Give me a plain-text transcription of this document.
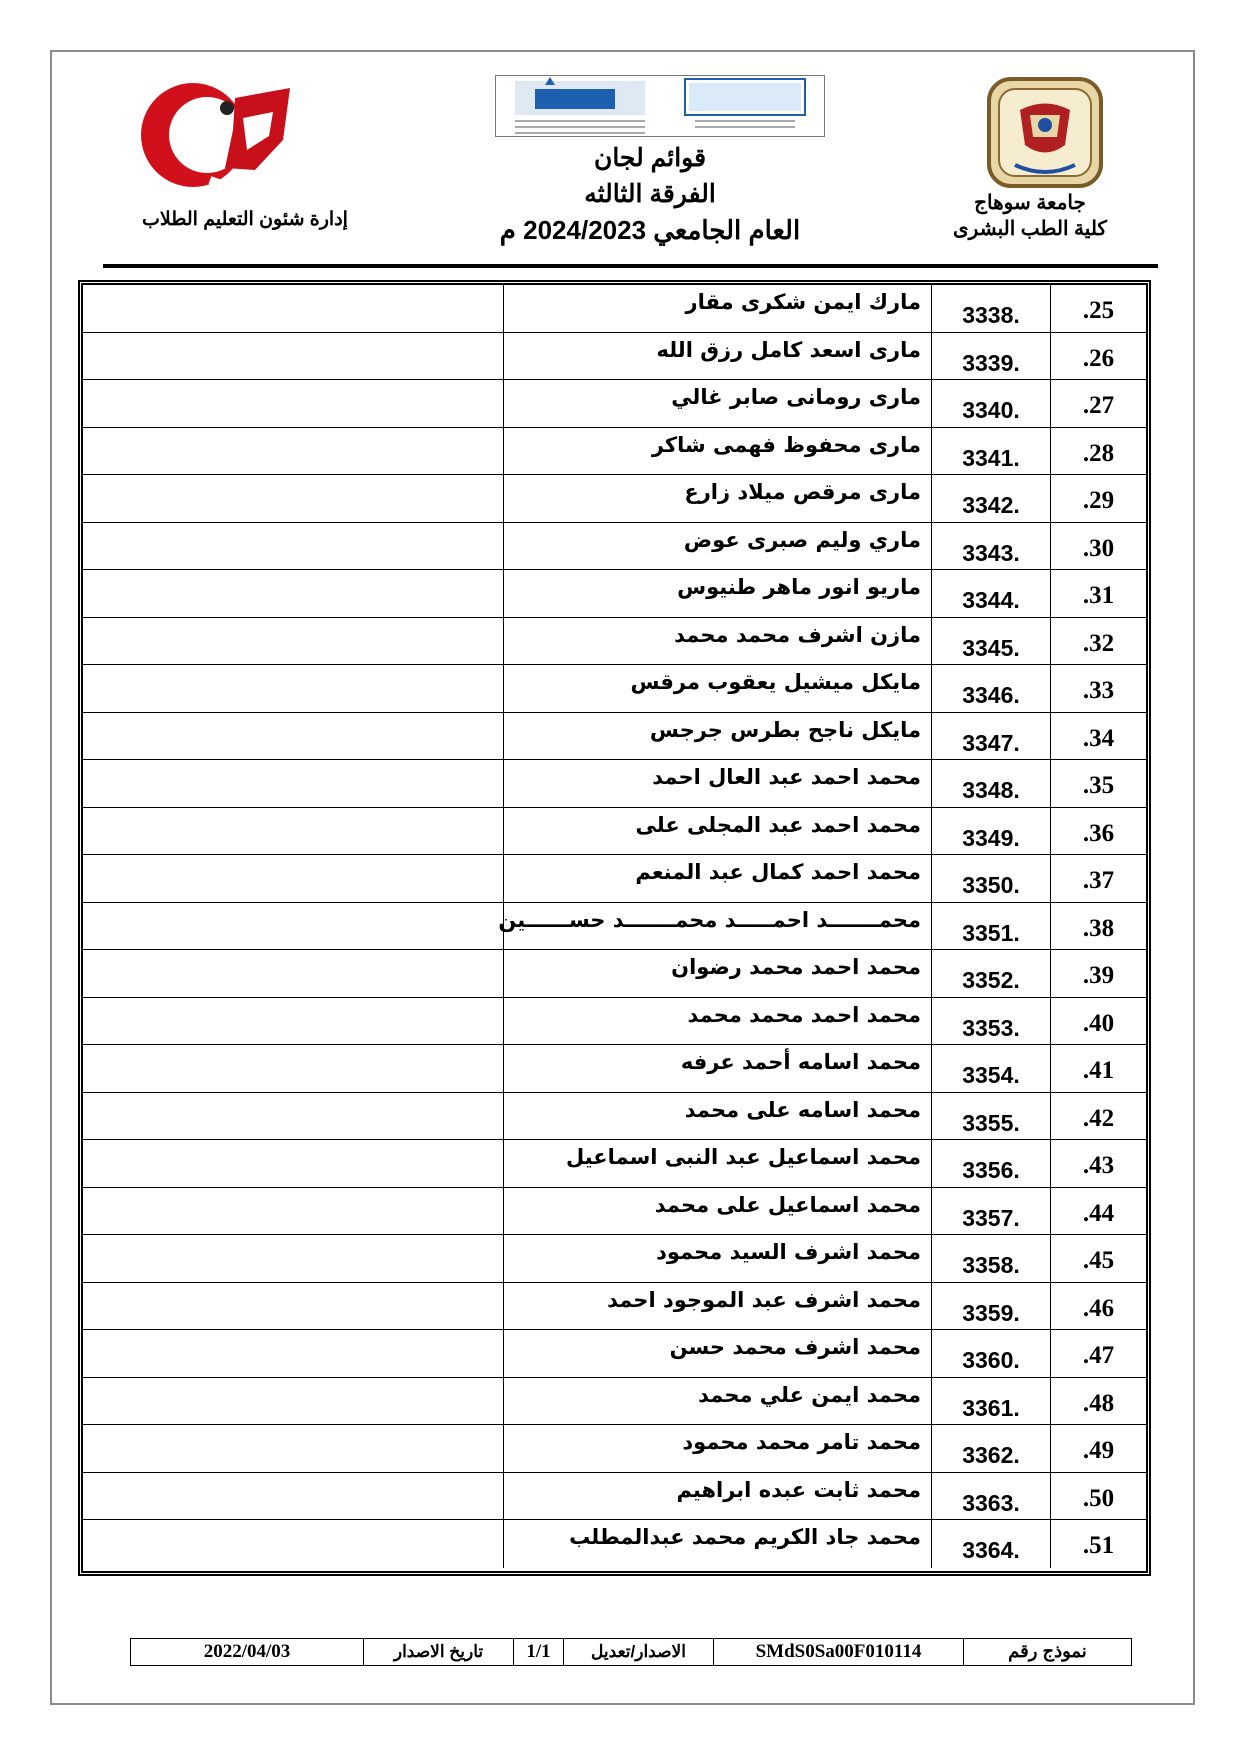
جامعة سوهاج
كلية الطب البشرى
إدارة شئون التعليم الطلاب
قوائم لجان
الفرقة الثالثه
العام الجامعي 2024/2023 م
.25
3338.
مارك ايمن شكرى مقار
.26
3339.
مارى اسعد كامل رزق الله
.27
3340.
مارى رومانى صابر غالي
.28
3341.
مارى محفوظ فهمى شاكر
.29
3342.
مارى مرقص ميلاد زارع
.30
3343.
ماري وليم صبرى عوض
.31
3344.
ماريو انور ماهر طنيوس
.32
3345.
مازن اشرف محمد محمد
.33
3346.
مايكل ميشيل يعقوب مرقس
.34
3347.
مايكل ناجح بطرس جرجس
.35
3348.
محمد احمد عبد العال احمد
.36
3349.
محمد احمد عبد المجلى على
.37
3350.
محمد احمد كمال عبد المنعم
.38
3351.
محمـــــــد احمـــــد محمـــــــد حســــــين
.39
3352.
محمد احمد محمد رضوان
.40
3353.
محمد احمد محمد محمد
.41
3354.
محمد اسامه أحمد عرفه
.42
3355.
محمد اسامه على محمد
.43
3356.
محمد اسماعيل عبد النبى اسماعيل
.44
3357.
محمد اسماعيل على محمد
.45
3358.
محمد اشرف السيد محمود
.46
3359.
محمد اشرف عبد الموجود احمد
.47
3360.
محمد اشرف محمد حسن
.48
3361.
محمد ايمن علي محمد
.49
3362.
محمد تامر محمد محمود
.50
3363.
محمد ثابت عبده ابراهيم
.51
3364.
محمد جاد الكريم محمد عبدالمطلب
نموذج رقم
SMdS0Sa00F010114
الاصدار/تعديل
1/1
تاريخ الاصدار
2022/04/03
